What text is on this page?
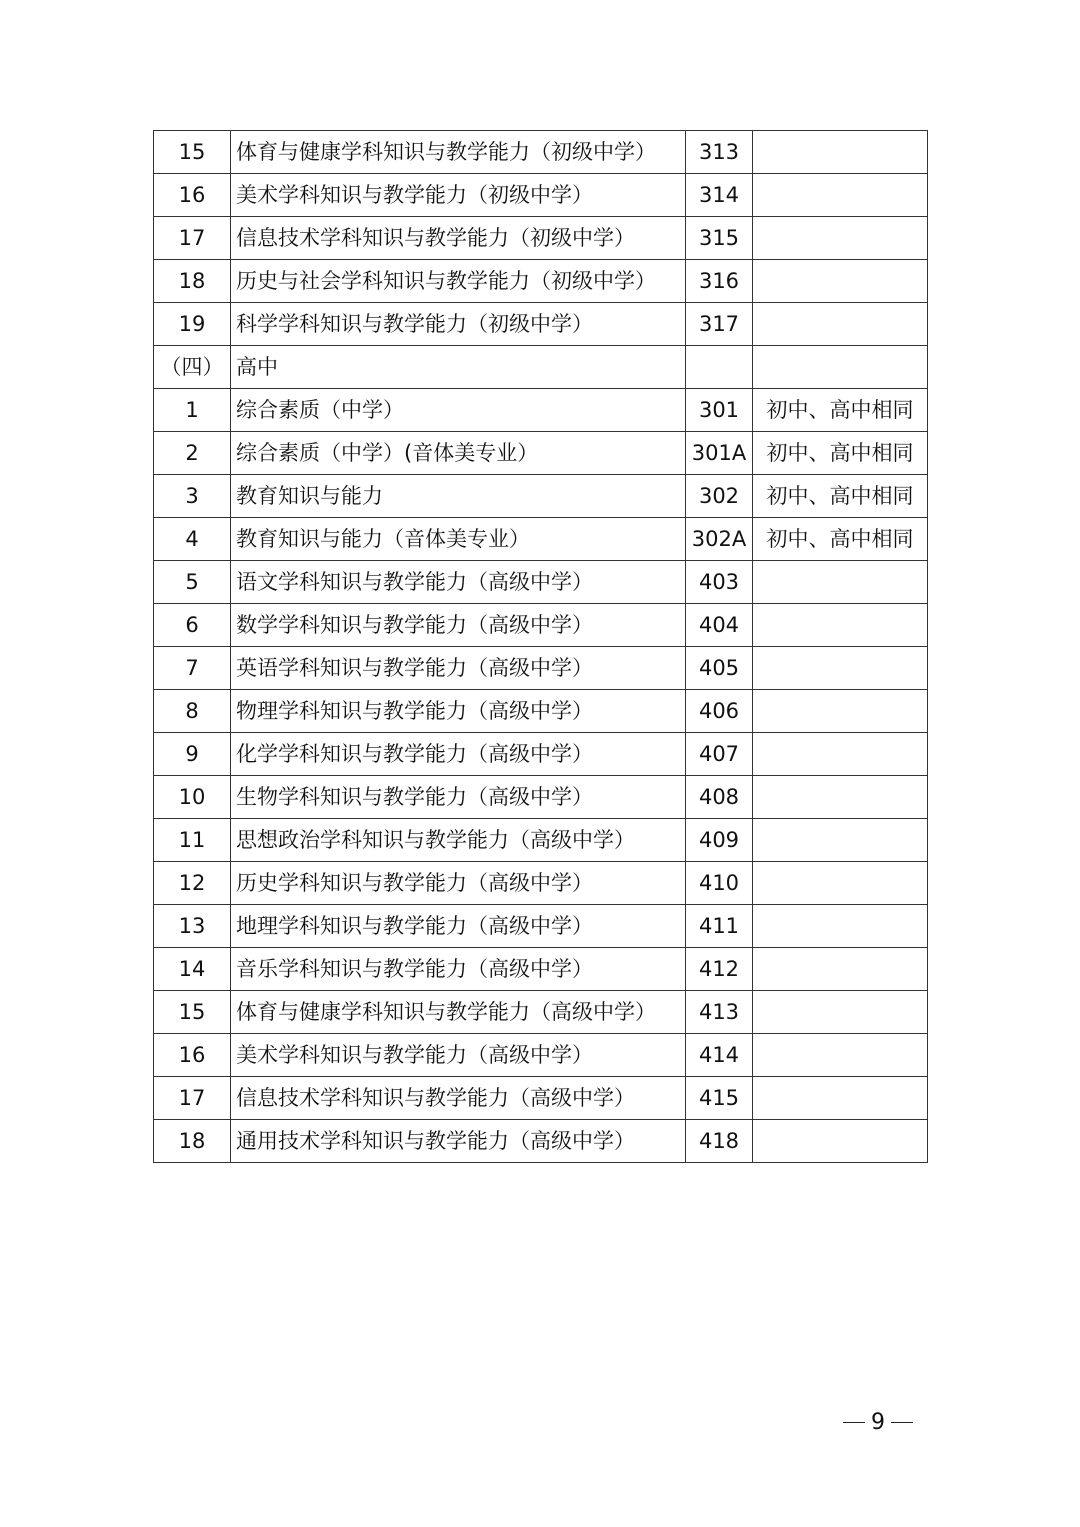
15	体育与健康学科知识与教学能力（初级中学）	313	
16	美术学科知识与教学能力（初级中学）	314	
17	信息技术学科知识与教学能力（初级中学）	315	
18	历史与社会学科知识与教学能力（初级中学）	316	
19	科学学科知识与教学能力（初级中学）	317	
（四）	高中		
1	综合素质（中学）	301	初中、高中相同
2	综合素质（中学）(音体美专业）	301A	初中、高中相同
3	教育知识与能力	302	初中、高中相同
4	教育知识与能力（音体美专业）	302A	初中、高中相同
5	语文学科知识与教学能力（高级中学）	403	
6	数学学科知识与教学能力（高级中学）	404	
7	英语学科知识与教学能力（高级中学）	405	
8	物理学科知识与教学能力（高级中学）	406	
9	化学学科知识与教学能力（高级中学）	407	
10	生物学科知识与教学能力（高级中学）	408	
11	思想政治学科知识与教学能力（高级中学）	409	
12	历史学科知识与教学能力（高级中学）	410	
13	地理学科知识与教学能力（高级中学）	411	
14	音乐学科知识与教学能力（高级中学）	412	
15	体育与健康学科知识与教学能力（高级中学）	413	
16	美术学科知识与教学能力（高级中学）	414	
17	信息技术学科知识与教学能力（高级中学）	415	
18	通用技术学科知识与教学能力（高级中学）	418	
9
